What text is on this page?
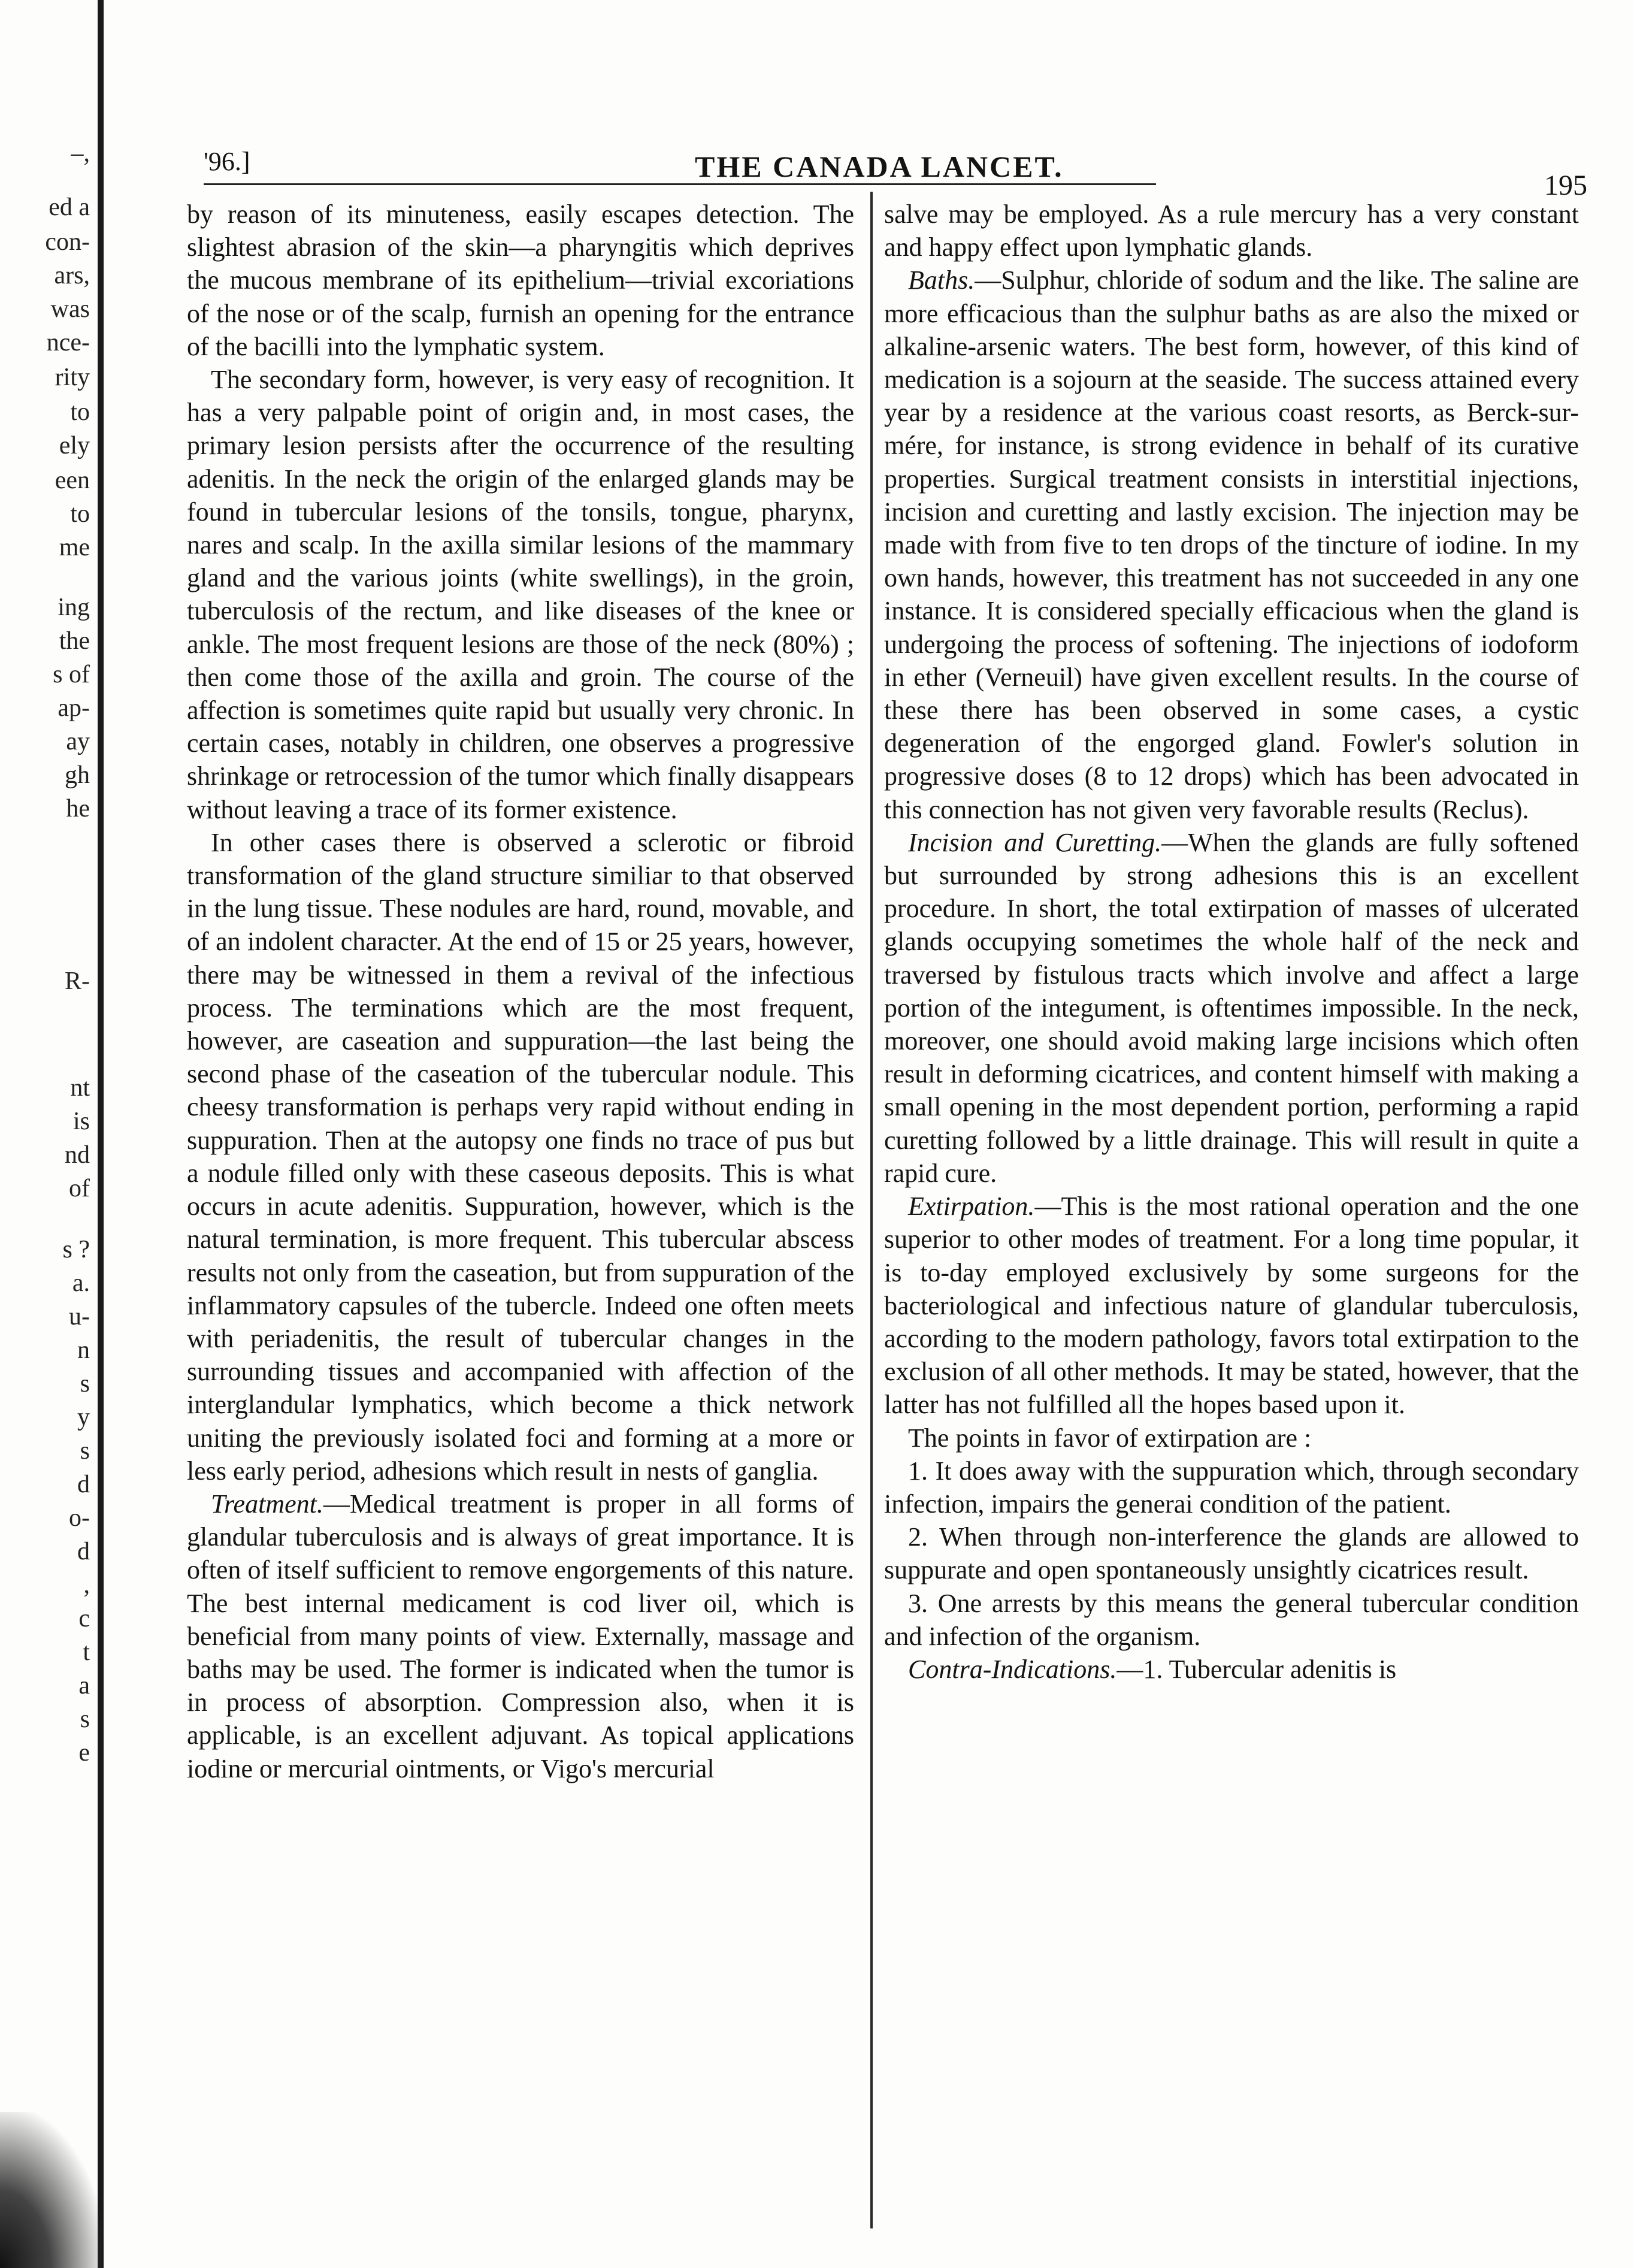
–,
ed a
con-
ars,
was
nce-
rity
to
ely
een
to
me
ing
the
s of
ap-
ay
gh
he
R-
nt
is
nd
of
s ?
a.
u-
n
s
y
s
d
o-
d
,
c
t
a
s
e
'96.]	THE CANADA LANCET.
195

by reason of its minuteness, easily escapes detection. The slightest abrasion of the skin—a pharyngitis which deprives the mucous membrane of its epithelium—trivial excoriations of the nose or of the scalp, furnish an opening for the entrance of the bacilli into the lymphatic system.

The secondary form, however, is very easy of recognition. It has a very palpable point of origin and, in most cases, the primary lesion persists after the occurrence of the resulting adenitis. In the neck the origin of the enlarged glands may be found in tubercular lesions of the tonsils, tongue, pharynx, nares and scalp. In the axilla similar lesions of the mammary gland and the various joints (white swellings), in the groin, tuberculosis of the rectum, and like diseases of the knee or ankle. The most frequent lesions are those of the neck (80%) ; then come those of the axilla and groin. The course of the affection is sometimes quite rapid but usually very chronic. In certain cases, notably in children, one observes a progressive shrinkage or retrocession of the tumor which finally disappears without leaving a trace of its former existence.

In other cases there is observed a sclerotic or fibroid transformation of the gland structure similiar to that observed in the lung tissue. These nodules are hard, round, movable, and of an indolent character. At the end of 15 or 25 years, however, there may be witnessed in them a revival of the infectious process. The terminations which are the most frequent, however, are caseation and suppuration—the last being the second phase of the caseation of the tubercular nodule. This cheesy transformation is perhaps very rapid without ending in suppuration. Then at the autopsy one finds no trace of pus but a nodule filled only with these caseous deposits. This is what occurs in acute adenitis. Suppuration, however, which is the natural termination, is more frequent. This tubercular abscess results not only from the caseation, but from suppuration of the inflammatory capsules of the tubercle. Indeed one often meets with periadenitis, the result of tubercular changes in the surrounding tissues and accompanied with affection of the interglandular lymphatics, which become a thick network uniting the previously isolated foci and forming at a more or less early period, adhesions which result in nests of ganglia.

Treatment.—Medical treatment is proper in all forms of glandular tuberculosis and is always of great importance. It is often of itself sufficient to remove engorgements of this nature. The best internal medicament is cod liver oil, which is beneficial from many points of view. Externally, massage and baths may be used. The former is indicated when the tumor is in process of absorption. Compression also, when it is applicable, is an excellent adjuvant. As topical applications iodine or mercurial ointments, or Vigo's mercurial

salve may be employed. As a rule mercury has a very constant and happy effect upon lymphatic glands.

Baths.—Sulphur, chloride of sodum and the like. The saline are more efficacious than the sulphur baths as are also the mixed or alkaline-arsenic waters. The best form, however, of this kind of medication is a sojourn at the seaside. The success attained every year by a residence at the various coast resorts, as Berck-sur-mére, for instance, is strong evidence in behalf of its curative properties. Surgical treatment consists in interstitial injections, incision and curetting and lastly excision. The injection may be made with from five to ten drops of the tincture of iodine. In my own hands, however, this treatment has not succeeded in any one instance. It is considered specially efficacious when the gland is undergoing the process of softening. The injections of iodoform in ether (Verneuil) have given excellent results. In the course of these there has been observed in some cases, a cystic degeneration of the engorged gland. Fowler's solution in progressive doses (8 to 12 drops) which has been advocated in this connection has not given very favorable results (Reclus).

Incision and Curetting.—When the glands are fully softened but surrounded by strong adhesions this is an excellent procedure. In short, the total extirpation of masses of ulcerated glands occupying sometimes the whole half of the neck and traversed by fistulous tracts which involve and affect a large portion of the integument, is oftentimes impossible. In the neck, moreover, one should avoid making large incisions which often result in deforming cicatrices, and content himself with making a small opening in the most dependent portion, performing a rapid curetting followed by a little drainage. This will result in quite a rapid cure.

Extirpation.—This is the most rational operation and the one superior to other modes of treatment. For a long time popular, it is to-day employed exclusively by some surgeons for the bacteriological and infectious nature of glandular tuberculosis, according to the modern pathology, favors total extirpation to the exclusion of all other methods. It may be stated, however, that the latter has not fulfilled all the hopes based upon it.

The points in favor of extirpation are :

1. It does away with the suppuration which, through secondary infection, impairs the generai condition of the patient.

2. When through non-interference the glands are allowed to suppurate and open spontaneously unsightly cicatrices result.

3. One arrests by this means the general tubercular condition and infection of the organism.

Contra-Indications.—1. Tubercular adenitis is
